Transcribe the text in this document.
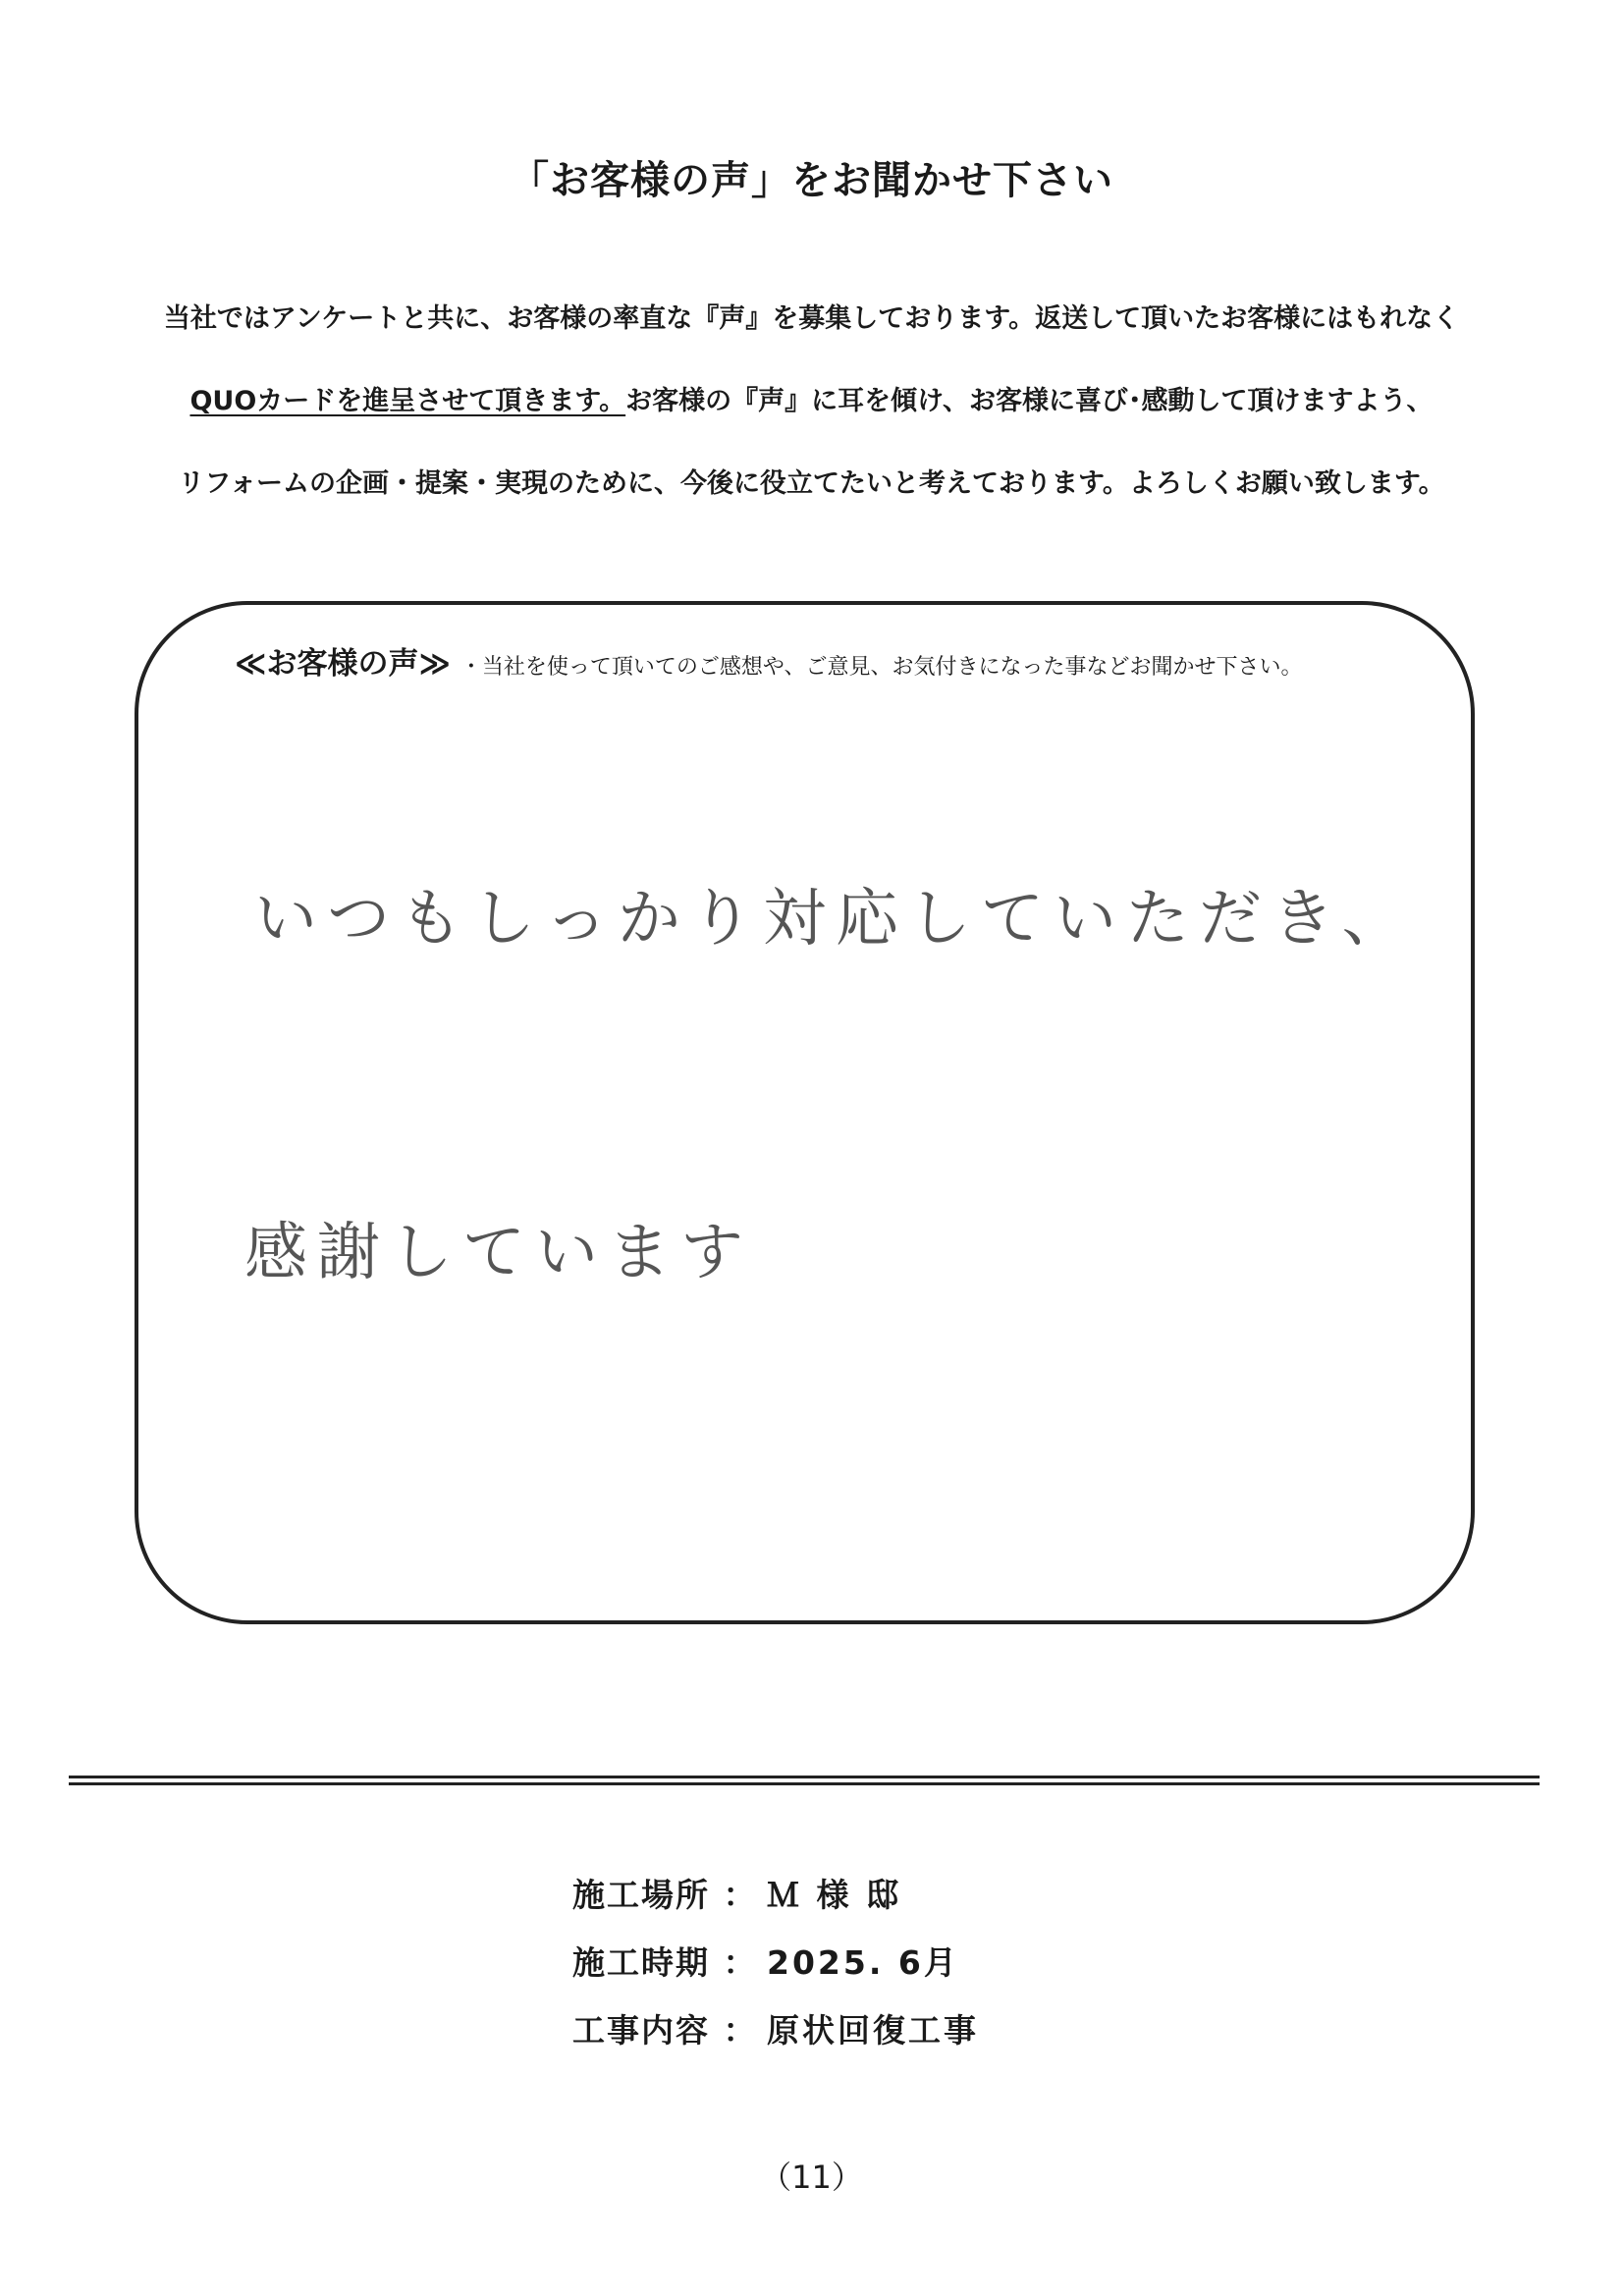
「お客様の声」をお聞かせ下さい
当社ではアンケートと共に、お客様の率直な『声』を募集しております。返送して頂いたお客様にはもれなく
QUOカードを進呈させて頂きます。お客様の『声』に耳を傾け、お客様に喜び･感動して頂けますよう、
リフォームの企画・提案・実現のために、今後に役立てたいと考えております。よろしくお願い致します。
≪お客様の声≫ ・当社を使って頂いてのご感想や、ご意見、お気付きになった事などお聞かせ下さい。
いつもしっかり対応していただき、
感謝しています
施工場所 ： Ｍ 様 邸
施工時期 ： 2025. 6月
工事内容 ： 原状回復工事
（11）
